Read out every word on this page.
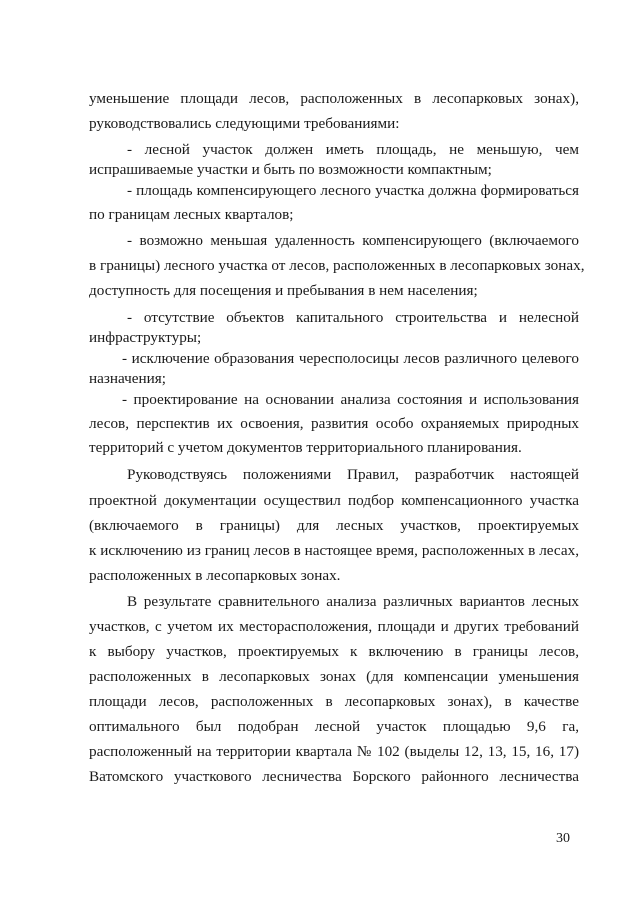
уменьшение площади лесов, расположенных в лесопарковых зонах),
руководствовались следующими требованиями:
- лесной участок должен иметь площадь, не меньшую, чем
испрашиваемые участки и быть по возможности компактным;
- площадь компенсирующего лесного участка должна формироваться
по границам лесных кварталов;
- возможно меньшая удаленность компенсирующего (включаемого
в границы) лесного участка от лесов, расположенных в лесопарковых зонах,
доступность для посещения и пребывания в нем населения;
- отсутствие объектов капитального строительства и нелесной
инфраструктуры;
- исключение образования чересполосицы лесов различного целевого
назначения;
- проектирование на основании анализа состояния и использования
лесов, перспектив их освоения, развития особо охраняемых природных
территорий с учетом документов территориального планирования.
Руководствуясь положениями Правил, разработчик настоящей
проектной документации осуществил подбор компенсационного участка
(включаемого в границы) для лесных участков, проектируемых
к исключению из границ лесов в настоящее время, расположенных в лесах,
расположенных в лесопарковых зонах.
В результате сравнительного анализа различных вариантов лесных
участков, с учетом их месторасположения, площади и других требований
к выбору участков, проектируемых к включению в границы лесов,
расположенных в лесопарковых зонах (для компенсации уменьшения
площади лесов, расположенных в лесопарковых зонах), в качестве
оптимального был подобран лесной участок площадью 9,6 га,
расположенный на территории квартала № 102 (выделы 12, 13, 15, 16, 17)
Ватомского участкового лесничества Борского районного лесничества
30
